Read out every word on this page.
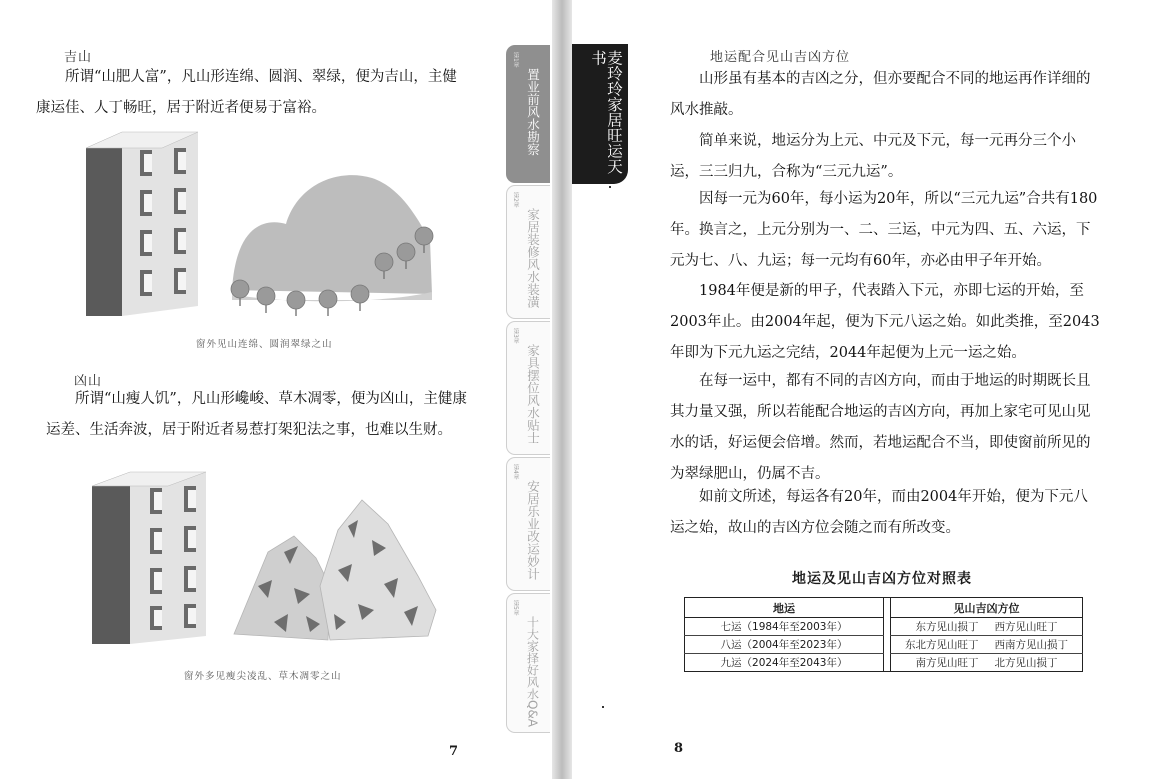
吉山

所谓“山肥人富”，凡山形连绵、圆润、翠绿，便为吉山，主健康运佳、人丁畅旺，居于附近者便易于富裕。

窗外见山连绵、圆润翠绿之山
凶山

所谓“山瘦人饥”，凡山形巉峻、草木凋零，便为凶山，主健康运差、生活奔波，居于附近者易惹打架犯法之事，也难以生财。

窗外多见瘦尖凌乱、草木凋零之山
7
第1章
置业前风水勘察
第2章
家居装修风水装潢
第3章
家具摆位风水贴士
第4章
安居乐业改运妙计
第5章
十大家择好风水Q&A
麦玲玲家居旺运天书	地运配合见山吉凶方位

山形虽有基本的吉凶之分，但亦要配合不同的地运再作详细的风水推敲。

简单来说，地运分为上元、中元及下元，每一元再分三个小运，三三归九，合称为“三元九运”。

因每一元为60年，每小运为20年，所以“三元九运”合共有180年。换言之，上元分别为一、二、三运，中元为四、五、六运，下元为七、八、九运；每一元均有60年，亦必由甲子年开始。

1984年便是新的甲子，代表踏入下元，亦即七运的开始，至2003年止。由2004年起，便为下元八运之始。如此类推，至2043年即为下元九运之完结，2044年起便为上元一运之始。

在每一运中，都有不同的吉凶方向，而由于地运的时期既长且其力量又强，所以若能配合地运的吉凶方向，再加上家宅可见山见水的话，好运便会倍增。然而，若地运配合不当，即使窗前所见的为翠绿肥山，仍属不吉。

如前文所述，每运各有20年，而由2004年开始，便为下元八运之始，故山的吉凶方位会随之而有所改变。

地运及见山吉凶方位对照表
地运		见山吉凶方位
七运（1984年至2003年）		东方见山损丁 西方见山旺丁
八运（2004年至2023年）		东北方见山旺丁 西南方见山损丁
九运（2024年至2043年）		南方见山旺丁 北方见山损丁
8
